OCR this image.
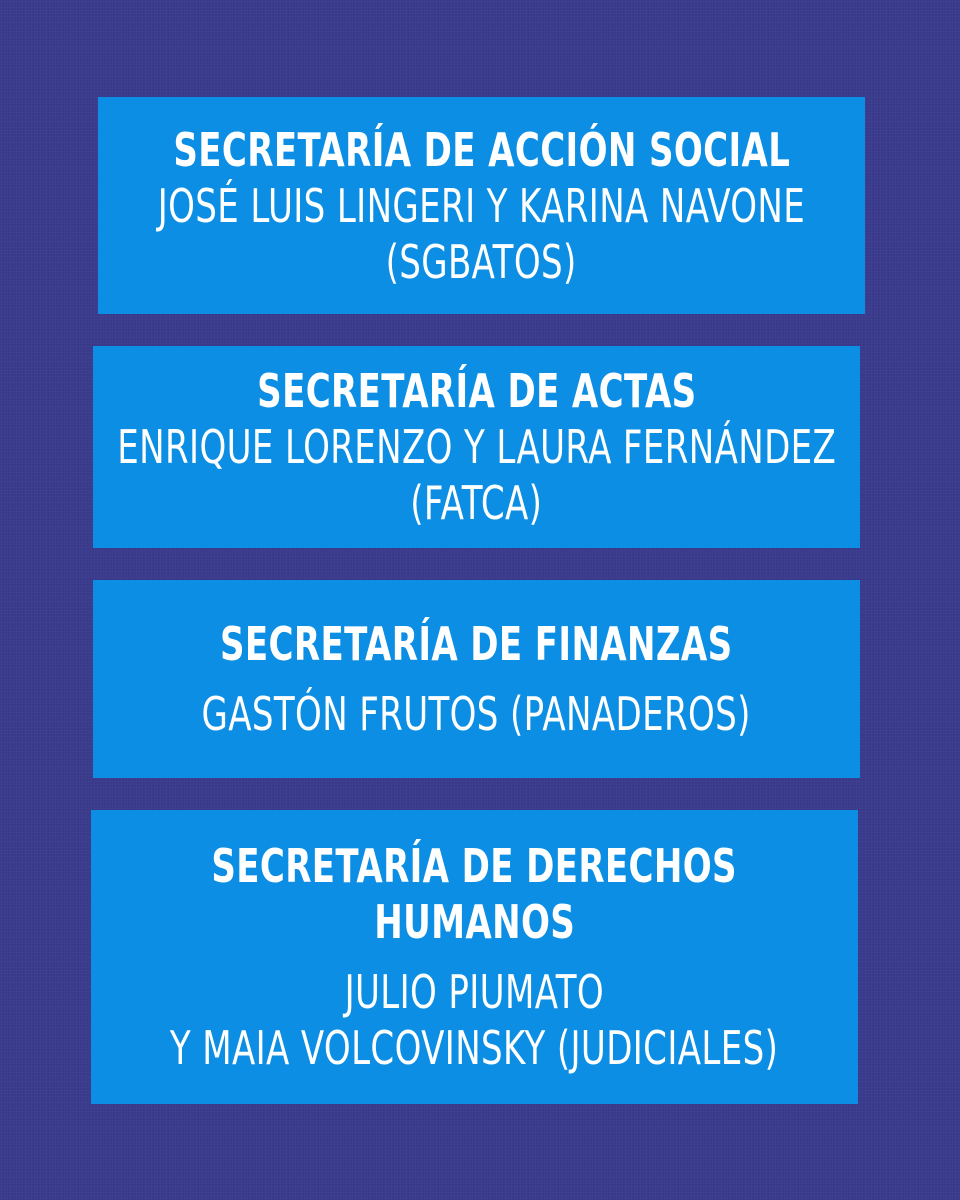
SECRETARÍA DE ACCIÓN SOCIAL
JOSÉ LUIS LINGERI Y KARINA NAVONE
(SGBATOS)
SECRETARÍA DE ACTAS
ENRIQUE LORENZO Y LAURA FERNÁNDEZ
(FATCA)
SECRETARÍA DE FINANZAS
GASTÓN FRUTOS (PANADEROS)
SECRETARÍA DE DERECHOS
HUMANOS
JULIO PIUMATO
Y MAIA VOLCOVINSKY (JUDICIALES)
